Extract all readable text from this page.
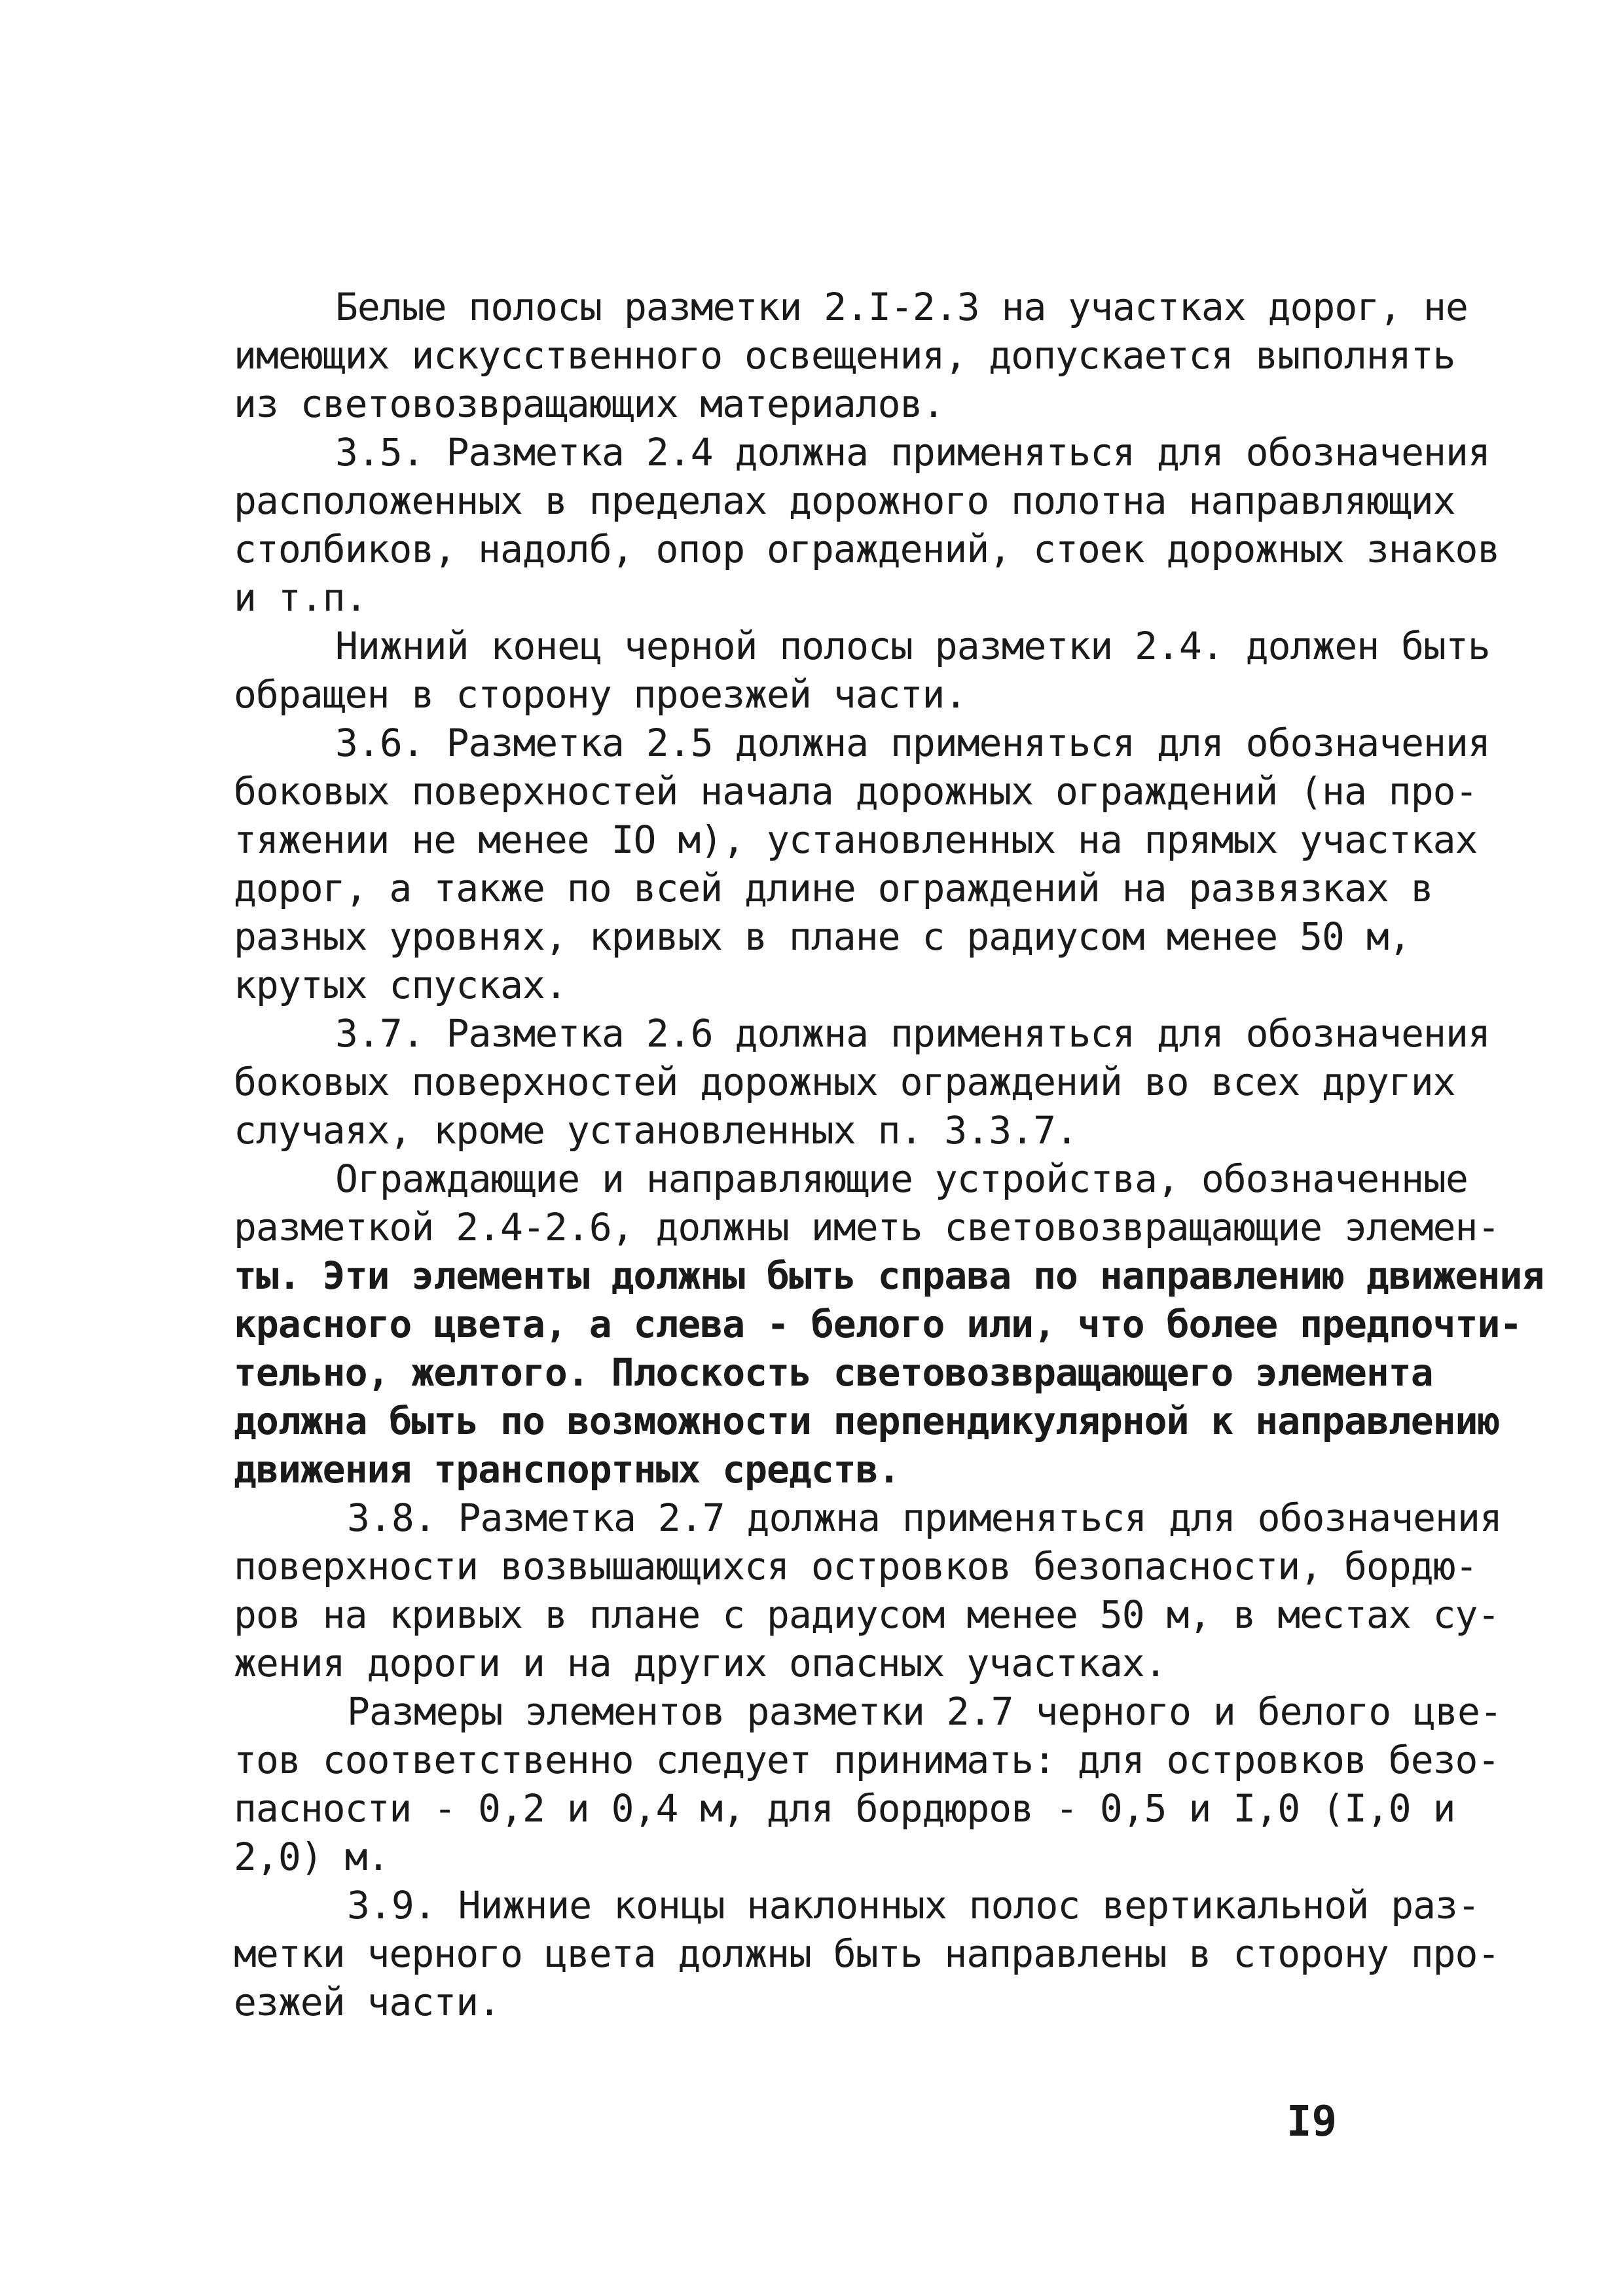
Белые полосы разметки 2.I-2.3 на участках дорог, не
имеющих искусственного освещения, допускается выполнять
из световозвращающих материалов.
3.5. Разметка 2.4 должна применяться для обозначения
расположенных в пределах дорожного полотна направляющих
столбиков, надолб, опор ограждений, стоек дорожных знаков
и т.п.
Нижний конец черной полосы разметки 2.4. должен быть
обращен в сторону проезжей части.
3.6. Разметка 2.5 должна применяться для обозначения
боковых поверхностей начала дорожных ограждений (на про-
тяжении не менее IO м), установленных на прямых участках
дорог, а также по всей длине ограждений на развязках в
разных уровнях, кривых в плане с радиусом менее 50 м,
крутых спусках.
3.7. Разметка 2.6 должна применяться для обозначения
боковых поверхностей дорожных ограждений во всех других
случаях, кроме установленных п. 3.3.7.
Ограждающие и направляющие устройства, обозначенные
разметкой 2.4-2.6, должны иметь световозвращающие элемен-
ты. Эти элементы должны быть справа по направлению движения
красного цвета, а слева - белого или, что более предпочти-
тельно, желтого. Плоскость световозвращающего элемента
должна быть по возможности перпендикулярной к направлению
движения транспортных средств.
3.8. Разметка 2.7 должна применяться для обозначения
поверхности возвышающихся островков безопасности, бордю-
ров на кривых в плане с радиусом менее 50 м, в местах су-
жения дороги и на других опасных участках.
Размеры элементов разметки 2.7 черного и белого цве-
тов соответственно следует принимать: для островков безо-
пасности - 0,2 и 0,4 м, для бордюров - 0,5 и I,0 (I,0 и
2,0) м.
3.9. Нижние концы наклонных полос вертикальной раз-
метки черного цвета должны быть направлены в сторону про-
езжей части.
I9
